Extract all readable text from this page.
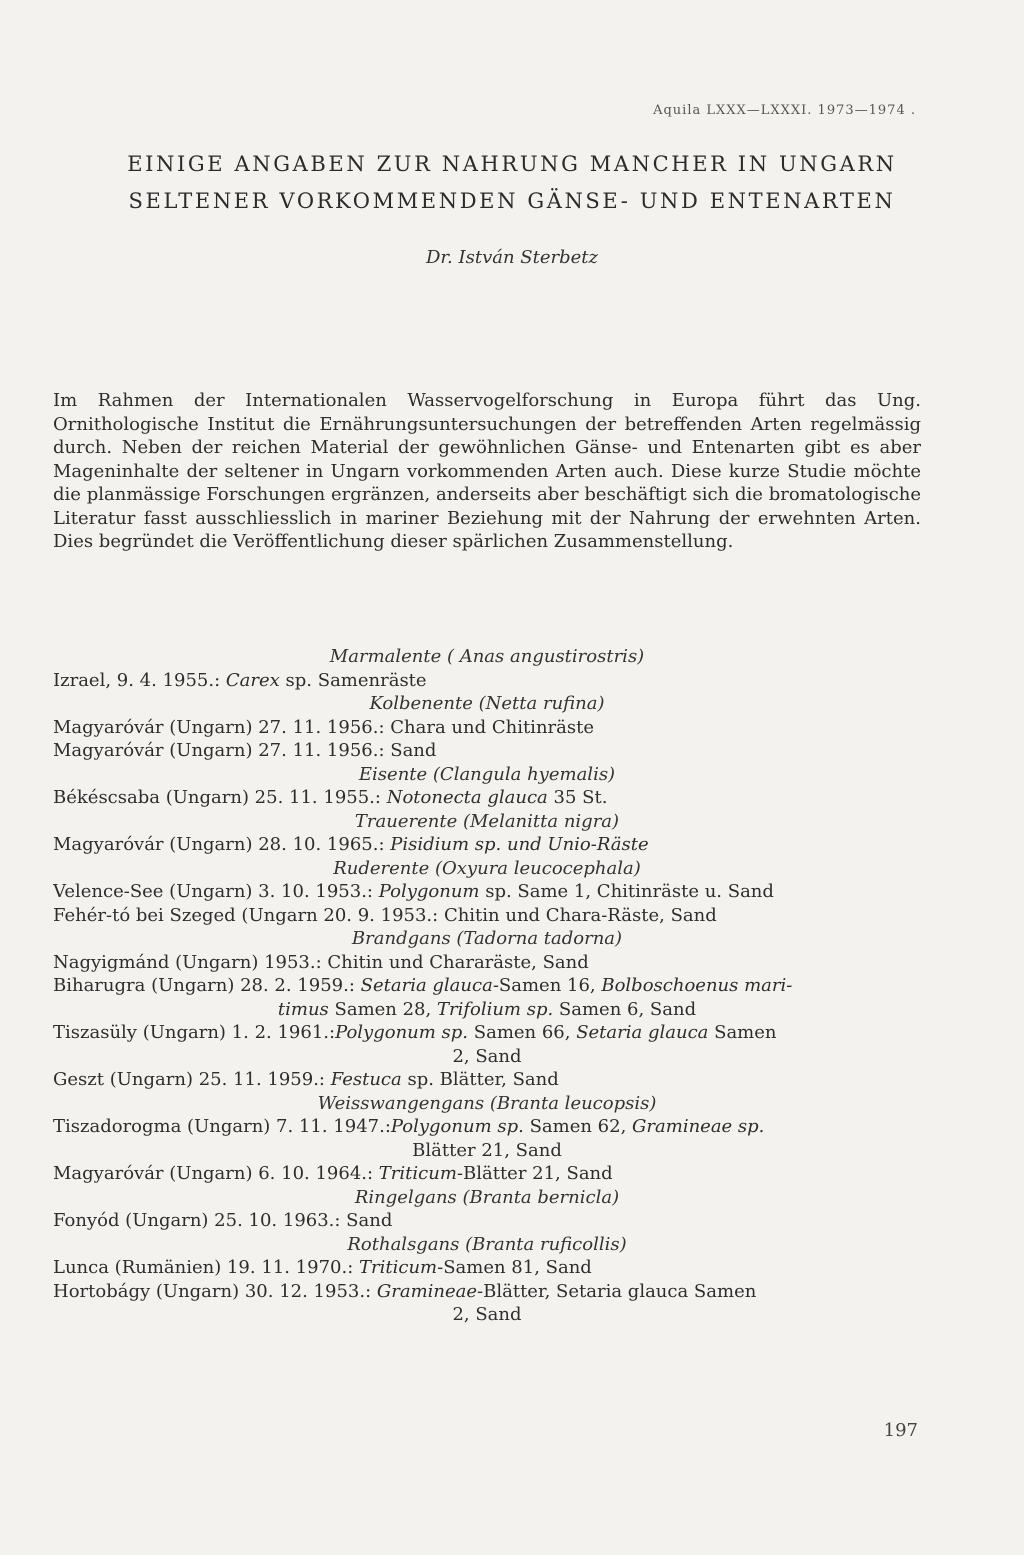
Aquila LXXX—LXXXI. 1973—1974 .
EINIGE ANGABEN ZUR NAHRUNG MANCHER IN UNGARN
SELTENER VORKOMMENDEN GÄNSE- UND ENTENARTEN
Dr. István Sterbetz
Im Rahmen der Internationalen Wasservogelforschung in Europa führt das Ung. Ornithologische Institut die Ernährungsuntersuchungen der betreffenden Arten regelmässig durch. Neben der reichen Material der gewöhnlichen Gänse- und Entenarten gibt es aber Mageninhalte der seltener in Ungarn vorkommenden Arten auch. Diese kurze Studie möchte die planmässige Forschungen ergränzen, anderseits aber beschäftigt sich die bromatologische Literatur fasst ausschliesslich in mariner Beziehung mit der Nahrung der erwehnten Arten. Dies begründet die Veröffentlichung dieser spärlichen Zusammenstellung.
Marmalente ( Anas angustirostris)
Izrael, 9. 4. 1955.: Carex sp. Samenräste
Kolbenente (Netta rufina)
Magyaróvár (Ungarn) 27. 11. 1956.: Chara und Chitinräste
Magyaróvár (Ungarn) 27. 11. 1956.: Sand
Eisente (Clangula hyemalis)
Békéscsaba (Ungarn) 25. 11. 1955.: Notonecta glauca 35 St.
Trauerente (Melanitta nigra)
Magyaróvár (Ungarn) 28. 10. 1965.: Pisidium sp. und Unio-Räste
Ruderente (Oxyura leucocephala)
Velence-See (Ungarn) 3. 10. 1953.: Polygonum sp. Same 1, Chitinräste u. Sand
Fehér-tó bei Szeged (Ungarn 20. 9. 1953.: Chitin und Chara-Räste, Sand
Brandgans (Tadorna tadorna)
Nagyigmánd (Ungarn) 1953.: Chitin und Chararäste, Sand
Biharugra (Ungarn) 28. 2. 1959.: Setaria glauca-Samen 16, Bolboschoenus mari-
timus Samen 28, Trifolium sp. Samen 6, Sand
Tiszasüly (Ungarn) 1. 2. 1961.:Polygonum sp. Samen 66, Setaria glauca Samen
2, Sand
Geszt (Ungarn) 25. 11. 1959.: Festuca sp. Blätter, Sand
Weisswangengans (Branta leucopsis)
Tiszadorogma (Ungarn) 7. 11. 1947.:Polygonum sp. Samen 62, Gramineae sp.
Blätter 21, Sand
Magyaróvár (Ungarn) 6. 10. 1964.: Triticum-Blätter 21, Sand
Ringelgans (Branta bernicla)
Fonyód (Ungarn) 25. 10. 1963.: Sand
Rothalsgans (Branta ruficollis)
Lunca (Rumänien) 19. 11. 1970.: Triticum-Samen 81, Sand
Hortobágy (Ungarn) 30. 12. 1953.: Gramineae-Blätter, Setaria glauca Samen
2, Sand
197
